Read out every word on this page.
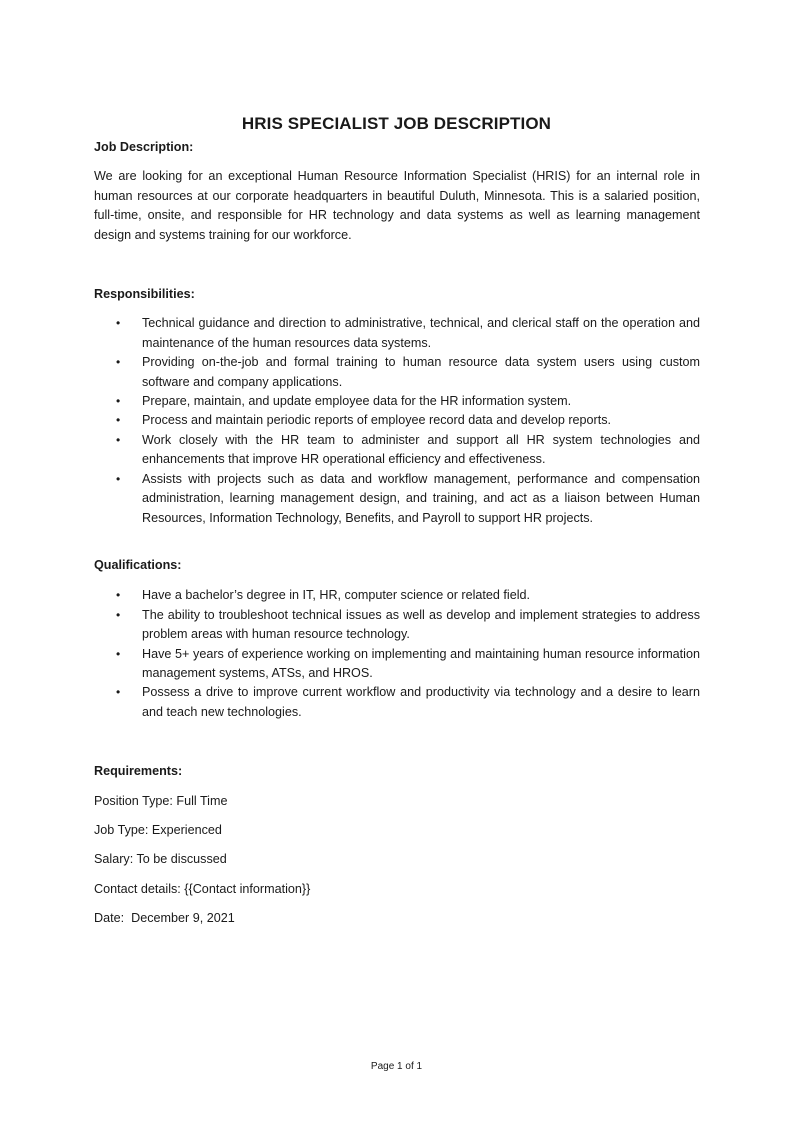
HRIS SPECIALIST JOB DESCRIPTION

Job Description:

We are looking for an exceptional Human Resource Information Specialist (HRIS) for an internal role in human resources at our corporate headquarters in beautiful Duluth, Minnesota. This is a salaried position, full-time, onsite, and responsible for HR technology and data systems as well as learning management design and systems training for our workforce.

Responsibilities:

• Technical guidance and direction to administrative, technical, and clerical staff on the operation and maintenance of the human resources data systems.
• Providing on-the-job and formal training to human resource data system users using custom software and company applications.
• Prepare, maintain, and update employee data for the HR information system.
• Process and maintain periodic reports of employee record data and develop reports.
• Work closely with the HR team to administer and support all HR system technologies and enhancements that improve HR operational efficiency and effectiveness.
• Assists with projects such as data and workflow management, performance and compensation administration, learning management design, and training, and act as a liaison between Human Resources, Information Technology, Benefits, and Payroll to support HR projects.

Qualifications:

• Have a bachelor’s degree in IT, HR, computer science or related field.
• The ability to troubleshoot technical issues as well as develop and implement strategies to address problem areas with human resource technology.
• Have 5+ years of experience working on implementing and maintaining human resource information management systems, ATSs, and HROS.
• Possess a drive to improve current workflow and productivity via technology and a desire to learn and teach new technologies.

Requirements:

Position Type: Full Time

Job Type: Experienced

Salary: To be discussed

Contact details: {{Contact information}}

Date:  December 9, 2021

Page 1 of 1
